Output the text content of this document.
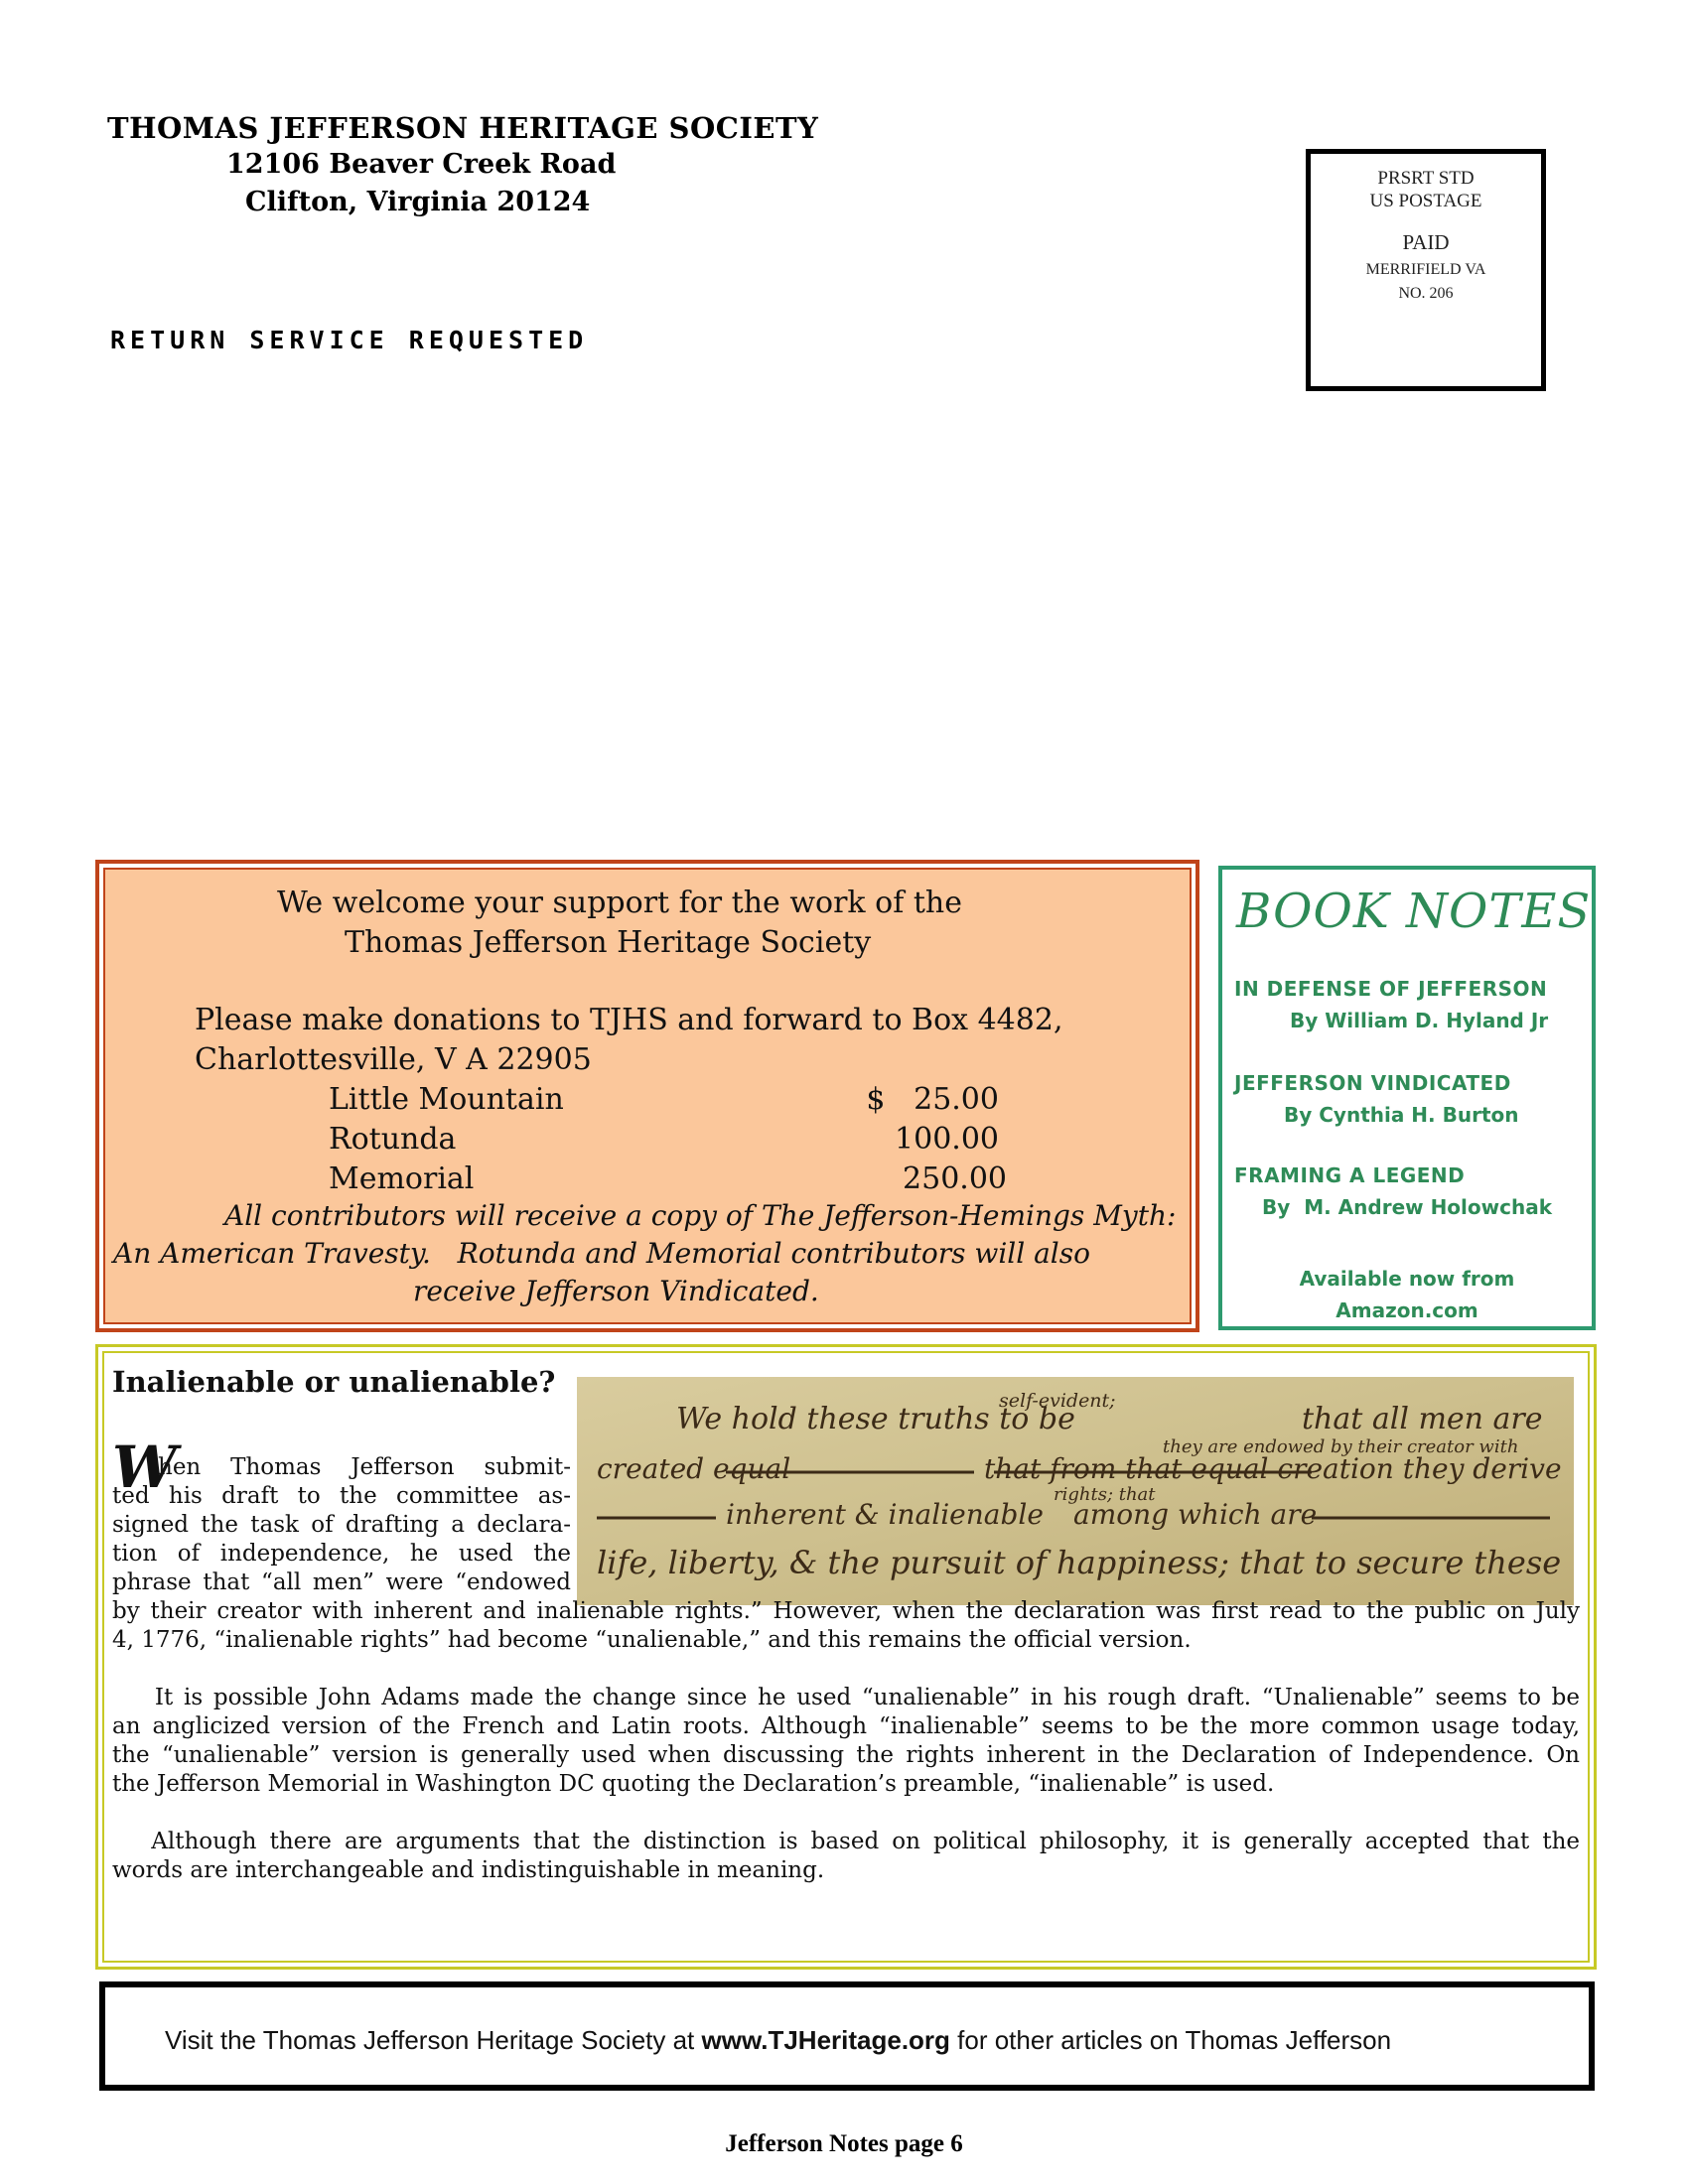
THOMAS JEFFERSON HERITAGE SOCIETY
12106 Beaver Creek Road
Clifton, Virginia 20124
RETURN SERVICE REQUESTED
PRSRT STD
US POSTAGE
PAID
MERRIFIELD VA
NO. 206
We welcome your support for the work of the
Thomas Jefferson Heritage Society
Please make donations to TJHS and forward to Box 4482,
Charlottesville, V A 22905
Little Mountain	$   25.00
Rotunda	100.00
Memorial	250.00
All contributors will receive a copy of The Jefferson-Hemings Myth:
An American Travesty.   Rotunda and Memorial contributors will also
receive Jefferson Vindicated.
BOOK NOTES
IN DEFENSE OF JEFFERSON
By William D. Hyland Jr
JEFFERSON VINDICATED
By Cynthia H. Burton
FRAMING A LEGEND
By  M. Andrew Holowchak
Available now from
Amazon.com
Inalienable or unalienable?
We hold these truths to be
self-evident;
that all men are
created equal
they are endowed by their creator with
that from that equal creation they derive
inherent & inalienable
rights; that
among which are
life, liberty, & the pursuit of happiness; that to secure these
W
hen Thomas Jefferson submit-
ted his draft to the committee as-
signed the task of drafting a declara-
tion of independence, he used the
phrase that “all men” were “endowed
by their creator with inherent and inalienable rights.” However, when the declaration was first read to the public on July
4, 1776, “inalienable rights” had become “unalienable,” and this remains the official version.
It is possible John Adams made the change since he used “unalienable” in his rough draft. “Unalienable” seems to be
an anglicized version of the French and Latin roots. Although “inalienable” seems to be the more common usage today,
the “unalienable” version is generally used when discussing the rights inherent in the Declaration of Independence. On
the Jefferson Memorial in Washington DC quoting the Declaration’s preamble, “inalienable” is used.
Although there are arguments that the distinction is based on political philosophy, it is generally accepted that the
words are interchangeable and indistinguishable in meaning.
Visit the Thomas Jefferson Heritage Society at www.TJHeritage.org for other articles on Thomas Jefferson
Jefferson Notes page 6
